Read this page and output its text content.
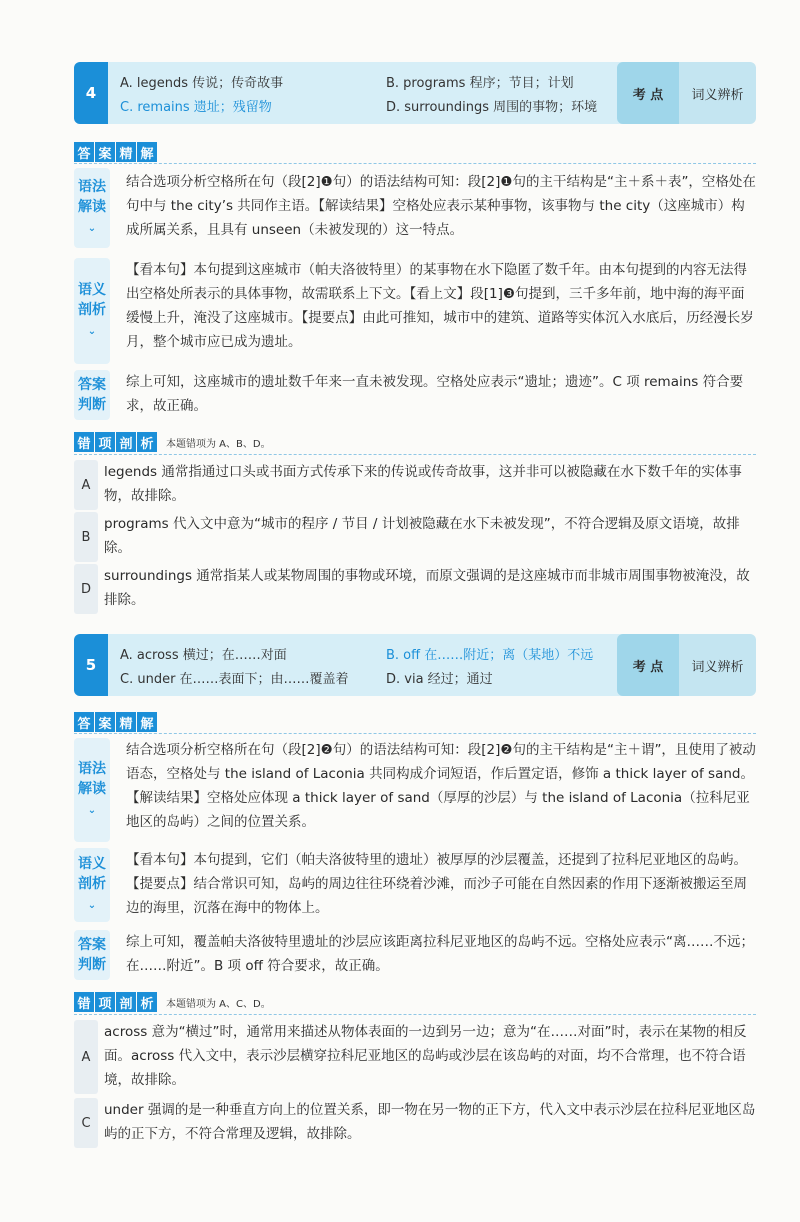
4
A. legends 传说；传奇故事	B. programs 程序；节目；计划
C. remains 遗址；残留物	D. surroundings 周围的事物；环境
考 点	词义辨析
答 案 精 解
语法
解读
⌄
结合选项分析空格所在句（段[2]❶句）的语法结构可知：段[2]❶句的主干结构是“主＋系＋表”，空格处在句中与 the city’s 共同作主语。【解读结果】空格处应表示某种事物，该事物与 the city（这座城市）构成所属关系，且具有 unseen（未被发现的）这一特点。
语义
剖析
⌄
【看本句】本句提到这座城市（帕夫洛彼特里）的某事物在水下隐匿了数千年。由本句提到的内容无法得出空格处所表示的具体事物，故需联系上下文。【看上文】段[1]❸句提到，三千多年前，地中海的海平面缓慢上升，淹没了这座城市。【提要点】由此可推知，城市中的建筑、道路等实体沉入水底后，历经漫长岁月，整个城市应已成为遗址。
答案
判断
综上可知，这座城市的遗址数千年来一直未被发现。空格处应表示“遗址；遗迹”。C 项 remains 符合要求，故正确。
错 项 剖 析	本题错项为 A、B、D。
A
legends 通常指通过口头或书面方式传承下来的传说或传奇故事，这并非可以被隐藏在水下数千年的实体事物，故排除。
B
programs 代入文中意为“城市的程序 / 节目 / 计划被隐藏在水下未被发现”，不符合逻辑及原文语境，故排除。
D
surroundings 通常指某人或某物周围的事物或环境，而原文强调的是这座城市而非城市周围事物被淹没，故排除。
5
A. across 横过；在……对面	B. off 在……附近；离（某地）不远
C. under 在……表面下；由……覆盖着	D. via 经过；通过
考 点	词义辨析
答 案 精 解
语法
解读
⌄
结合选项分析空格所在句（段[2]❷句）的语法结构可知：段[2]❷句的主干结构是“主＋谓”，且使用了被动语态，空格处与 the island of Laconia 共同构成介词短语，作后置定语，修饰 a thick layer of sand。【解读结果】空格处应体现 a thick layer of sand（厚厚的沙层）与 the island of Laconia（拉科尼亚地区的岛屿）之间的位置关系。
语义
剖析
⌄
【看本句】本句提到，它们（帕夫洛彼特里的遗址）被厚厚的沙层覆盖，还提到了拉科尼亚地区的岛屿。【提要点】结合常识可知，岛屿的周边往往环绕着沙滩，而沙子可能在自然因素的作用下逐渐被搬运至周边的海里，沉落在海中的物体上。
答案
判断
综上可知，覆盖帕夫洛彼特里遗址的沙层应该距离拉科尼亚地区的岛屿不远。空格处应表示“离……不远；在……附近”。B 项 off 符合要求，故正确。
错 项 剖 析	本题错项为 A、C、D。
A
across 意为“横过”时，通常用来描述从物体表面的一边到另一边；意为“在……对面”时，表示在某物的相反面。across 代入文中，表示沙层横穿拉科尼亚地区的岛屿或沙层在该岛屿的对面，均不合常理，也不符合语境，故排除。
C
under 强调的是一种垂直方向上的位置关系，即一物在另一物的正下方，代入文中表示沙层在拉科尼亚地区岛屿的正下方，不符合常理及逻辑，故排除。
